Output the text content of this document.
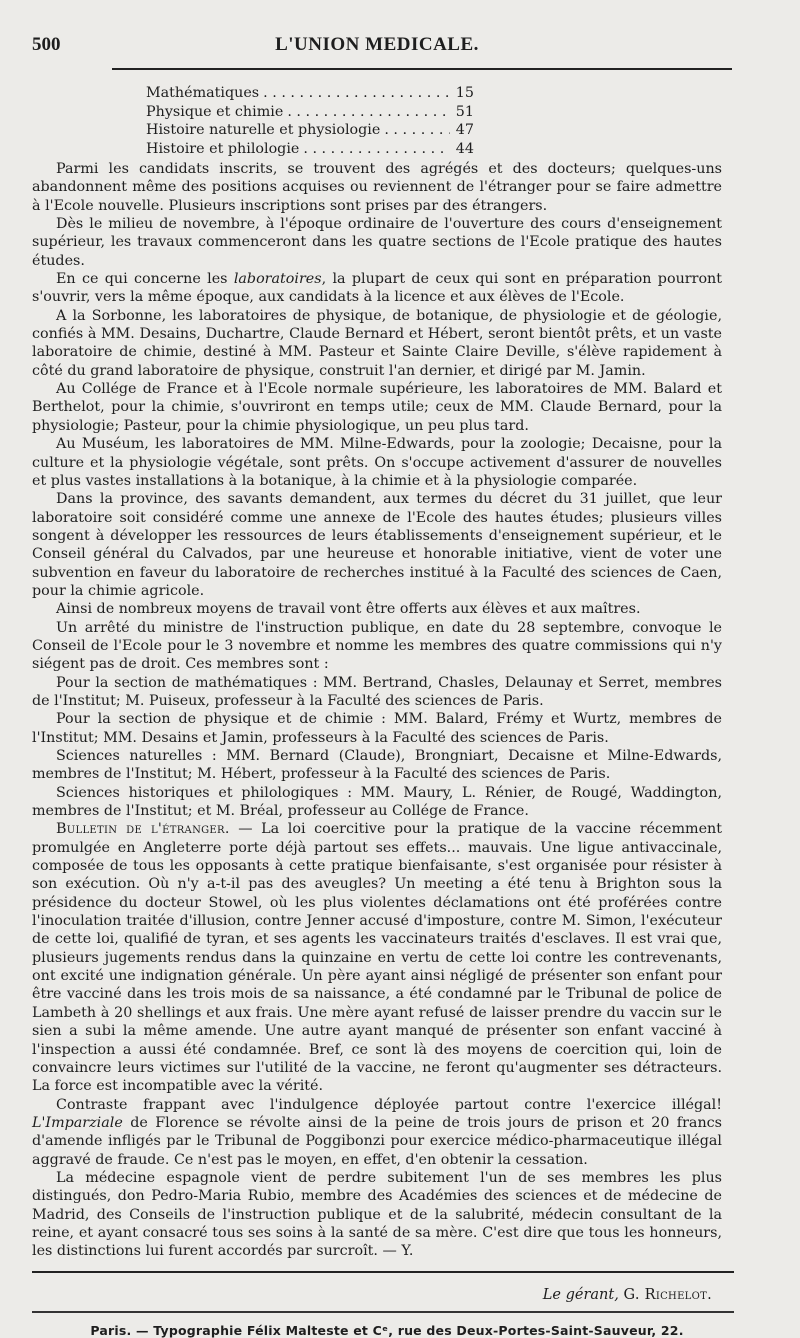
500	L'UNION MEDICALE.
Mathématiques . . .	15
Physique et chimie . . .	51
Histoire naturelle et physiologie . . .	47
Histoire et philologie . . .	44

Parmi les candidats inscrits, se trouvent des agrégés et des docteurs; quelques-uns abandonnent même des positions acquises ou reviennent de l'étranger pour se faire admettre à l'Ecole nouvelle. Plusieurs inscriptions sont prises par des étrangers.

Dès le milieu de novembre, à l'époque ordinaire de l'ouverture des cours d'enseignement supérieur, les travaux commenceront dans les quatre sections de l'Ecole pratique des hautes études.

En ce qui concerne les laboratoires, la plupart de ceux qui sont en préparation pourront s'ouvrir, vers la même époque, aux candidats à la licence et aux élèves de l'Ecole.

A la Sorbonne, les laboratoires de physique, de botanique, de physiologie et de géologie, confiés à MM. Desains, Duchartre, Claude Bernard et Hébert, seront bientôt prêts, et un vaste laboratoire de chimie, destiné à MM. Pasteur et Sainte Claire Deville, s'élève rapidement à côté du grand laboratoire de physique, construit l'an dernier, et dirigé par M. Jamin.

Au Collége de France et à l'Ecole normale supérieure, les laboratoires de MM. Balard et Berthelot, pour la chimie, s'ouvriront en temps utile; ceux de MM. Claude Bernard, pour la physiologie; Pasteur, pour la chimie physiologique, un peu plus tard.

Au Muséum, les laboratoires de MM. Milne-Edwards, pour la zoologie; Decaisne, pour la culture et la physiologie végétale, sont prêts. On s'occupe activement d'assurer de nouvelles et plus vastes installations à la botanique, à la chimie et à la physiologie comparée.

Dans la province, des savants demandent, aux termes du décret du 31 juillet, que leur laboratoire soit considéré comme une annexe de l'Ecole des hautes études; plusieurs villes songent à développer les ressources de leurs établissements d'enseignement supérieur, et le Conseil général du Calvados, par une heureuse et honorable initiative, vient de voter une subvention en faveur du laboratoire de recherches institué à la Faculté des sciences de Caen, pour la chimie agricole.

Ainsi de nombreux moyens de travail vont être offerts aux élèves et aux maîtres.

Un arrêté du ministre de l'instruction publique, en date du 28 septembre, convoque le Conseil de l'Ecole pour le 3 novembre et nomme les membres des quatre commissions qui n'y siégent pas de droit. Ces membres sont :

Pour la section de mathématiques : MM. Bertrand, Chasles, Delaunay et Serret, membres de l'Institut; M. Puiseux, professeur à la Faculté des sciences de Paris.

Pour la section de physique et de chimie : MM. Balard, Frémy et Wurtz, membres de l'Institut; MM. Desains et Jamin, professeurs à la Faculté des sciences de Paris.

Sciences naturelles : MM. Bernard (Claude), Brongniart, Decaisne et Milne-Edwards, membres de l'Institut; M. Hébert, professeur à la Faculté des sciences de Paris.

Sciences historiques et philologiques : MM. Maury, L. Rénier, de Rougé, Waddington, membres de l'Institut; et M. Bréal, professeur au Collége de France.

Bulletin de l'étranger. — La loi coercitive pour la pratique de la vaccine récemment promulgée en Angleterre porte déjà partout ses effets... mauvais. Une ligue antivaccinale, composée de tous les opposants à cette pratique bienfaisante, s'est organisée pour résister à son exécution. Où n'y a-t-il pas des aveugles? Un meeting a été tenu à Brighton sous la présidence du docteur Stowel, où les plus violentes déclamations ont été proférées contre l'inoculation traitée d'illusion, contre Jenner accusé d'imposture, contre M. Simon, l'exécuteur de cette loi, qualifié de tyran, et ses agents les vaccinateurs traités d'esclaves. Il est vrai que, plusieurs jugements rendus dans la quinzaine en vertu de cette loi contre les contrevenants, ont excité une indignation générale. Un père ayant ainsi négligé de présenter son enfant pour être vacciné dans les trois mois de sa naissance, a été condamné par le Tribunal de police de Lambeth à 20 shellings et aux frais. Une mère ayant refusé de laisser prendre du vaccin sur le sien a subi la même amende. Une autre ayant manqué de présenter son enfant vacciné à l'inspection a aussi été condamnée. Bref, ce sont là des moyens de coercition qui, loin de convaincre leurs victimes sur l'utilité de la vaccine, ne feront qu'augmenter ses détracteurs. La force est incompatible avec la vérité.

Contraste frappant avec l'indulgence déployée partout contre l'exercice illégal! L'Imparziale de Florence se révolte ainsi de la peine de trois jours de prison et 20 francs d'amende infligés par le Tribunal de Poggibonzi pour exercice médico-pharmaceutique illégal aggravé de fraude. Ce n'est pas le moyen, en effet, d'en obtenir la cessation.

La médecine espagnole vient de perdre subitement l'un de ses membres les plus distingués, don Pedro-Maria Rubio, membre des Académies des sciences et de médecine de Madrid, des Conseils de l'instruction publique et de la salubrité, médecin consultant de la reine, et ayant consacré tous ses soins à la santé de sa mère. C'est dire que tous les honneurs, les distinctions lui furent accordés par surcroît. — Y.

Le gérant, G. Richelot.
Paris. — Typographie Félix Malteste et Cᵉ, rue des Deux-Portes-Saint-Sauveur, 22.
